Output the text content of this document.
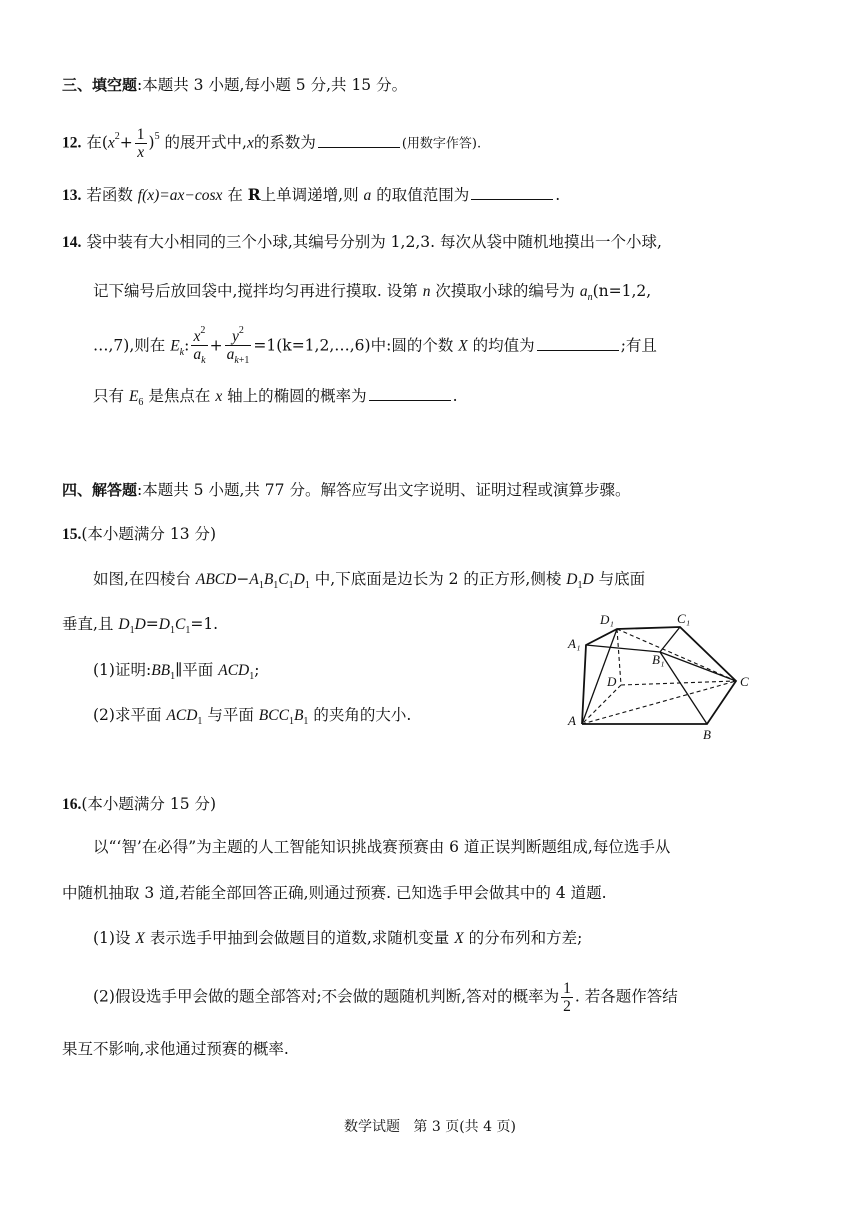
三、填空题:本题共 3 小题,每小题 5 分,共 15 分。
12. 在$(x^2+ \frac{1}{x} )^5$ 的展开式中,x的系数为	(用数字作答).
13. 若函数 f(x)=ax−cosx 在 R上单调递增,则 a 的取值范围为	.
14. 袋中装有大小相同的三个小球,其编号分别为 1,2,3. 每次从袋中随机地摸出一个小球,
记下编号后放回袋中,搅拌均匀再进行摸取. 设第 n 次摸取小球的编号为 $a_n(n=1,2$,
…,7),则在 $E_k$: $\frac{x^2}{a_k} + \frac{y^2}{a_{k+1}}$ =1(k=1,2,…,6)中:圆的个数 X 的均值为	;有且
只有 $E_6$ 是焦点在 x 轴上的椭圆的概率为	.
四、解答题:本题共 5 小题,共 77 分。解答应写出文字说明、证明过程或演算步骤。
15.(本小题满分 13 分)
如图,在四棱台 $ABCD-A_1B_1C_1D_1$ 中,下底面是边长为 2 的正方形,侧棱 $D_1D$ 与底面
垂直,且 $D_1D=D_1C_1=1$.
(1)证明$:BB_1\parallel$平面 $ACD_1$;
(2)求平面 $ACD_1$ 与平面 $BCC_1B_1$ 的夹角的大小.
D₁	C₁
A₁
B₁
D	C
A
B
16.(本小题满分 15 分)
以“‘智’在必得”为主题的人工智能知识挑战赛预赛由 6 道正误判断题组成,每位选手从
中随机抽取 3 道,若能全部回答正确,则通过预赛. 已知选手甲会做其中的 4 道题.
(1)设 X 表示选手甲抽到会做题目的道数,求随机变量 X 的分布列和方差;
(2)假设选手甲会做的题全部答对;不会做的题随机判断,答对的概率为 $\frac{1}{2}$ . 若各题作答结
果互不影响,求他通过预赛的概率.
数学试题 第 3 页(共 4 页)
